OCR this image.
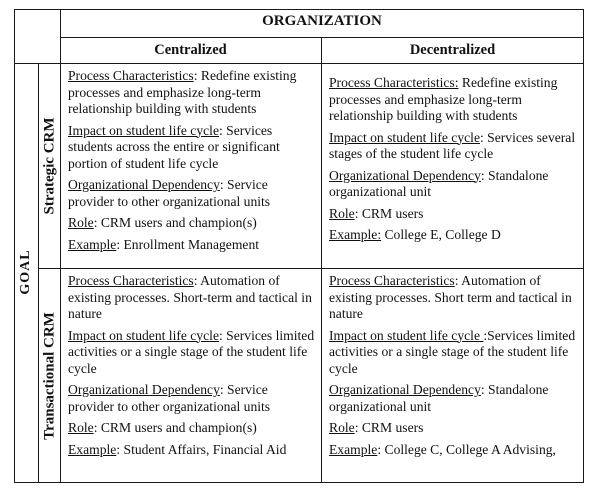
ORGANIZATION
Centralized	Decentralized
GOAL
Strategic CRM
Transactional CRM
Process Characteristics: Redefine existing processes and emphasize long-term relationship building with students
Impact on student life cycle: Services students across the entire or significant portion of student life cycle
Organizational Dependency: Service provider to other organizational units
Role: CRM users and champion(s)
Example: Enrollment Management
Process Characteristics: Redefine existing processes and emphasize long-term relationship building with students
Impact on student life cycle: Services several stages of the student life cycle
Organizational Dependency: Standalone organizational unit
Role: CRM users
Example: College E, College D
Process Characteristics: Automation of existing processes. Short-term and tactical in nature
Impact on student life cycle: Services limited activities or a single stage of the student life cycle
Organizational Dependency: Service provider to other organizational units
Role: CRM users and champion(s)
Example: Student Affairs, Financial Aid
Process Characteristics: Automation of existing processes. Short term and tactical in nature
Impact on student life cycle :Services limited activities or a single stage of the student life cycle
Organizational Dependency: Standalone organizational unit
Role: CRM users
Example: College C, College A Advising,
